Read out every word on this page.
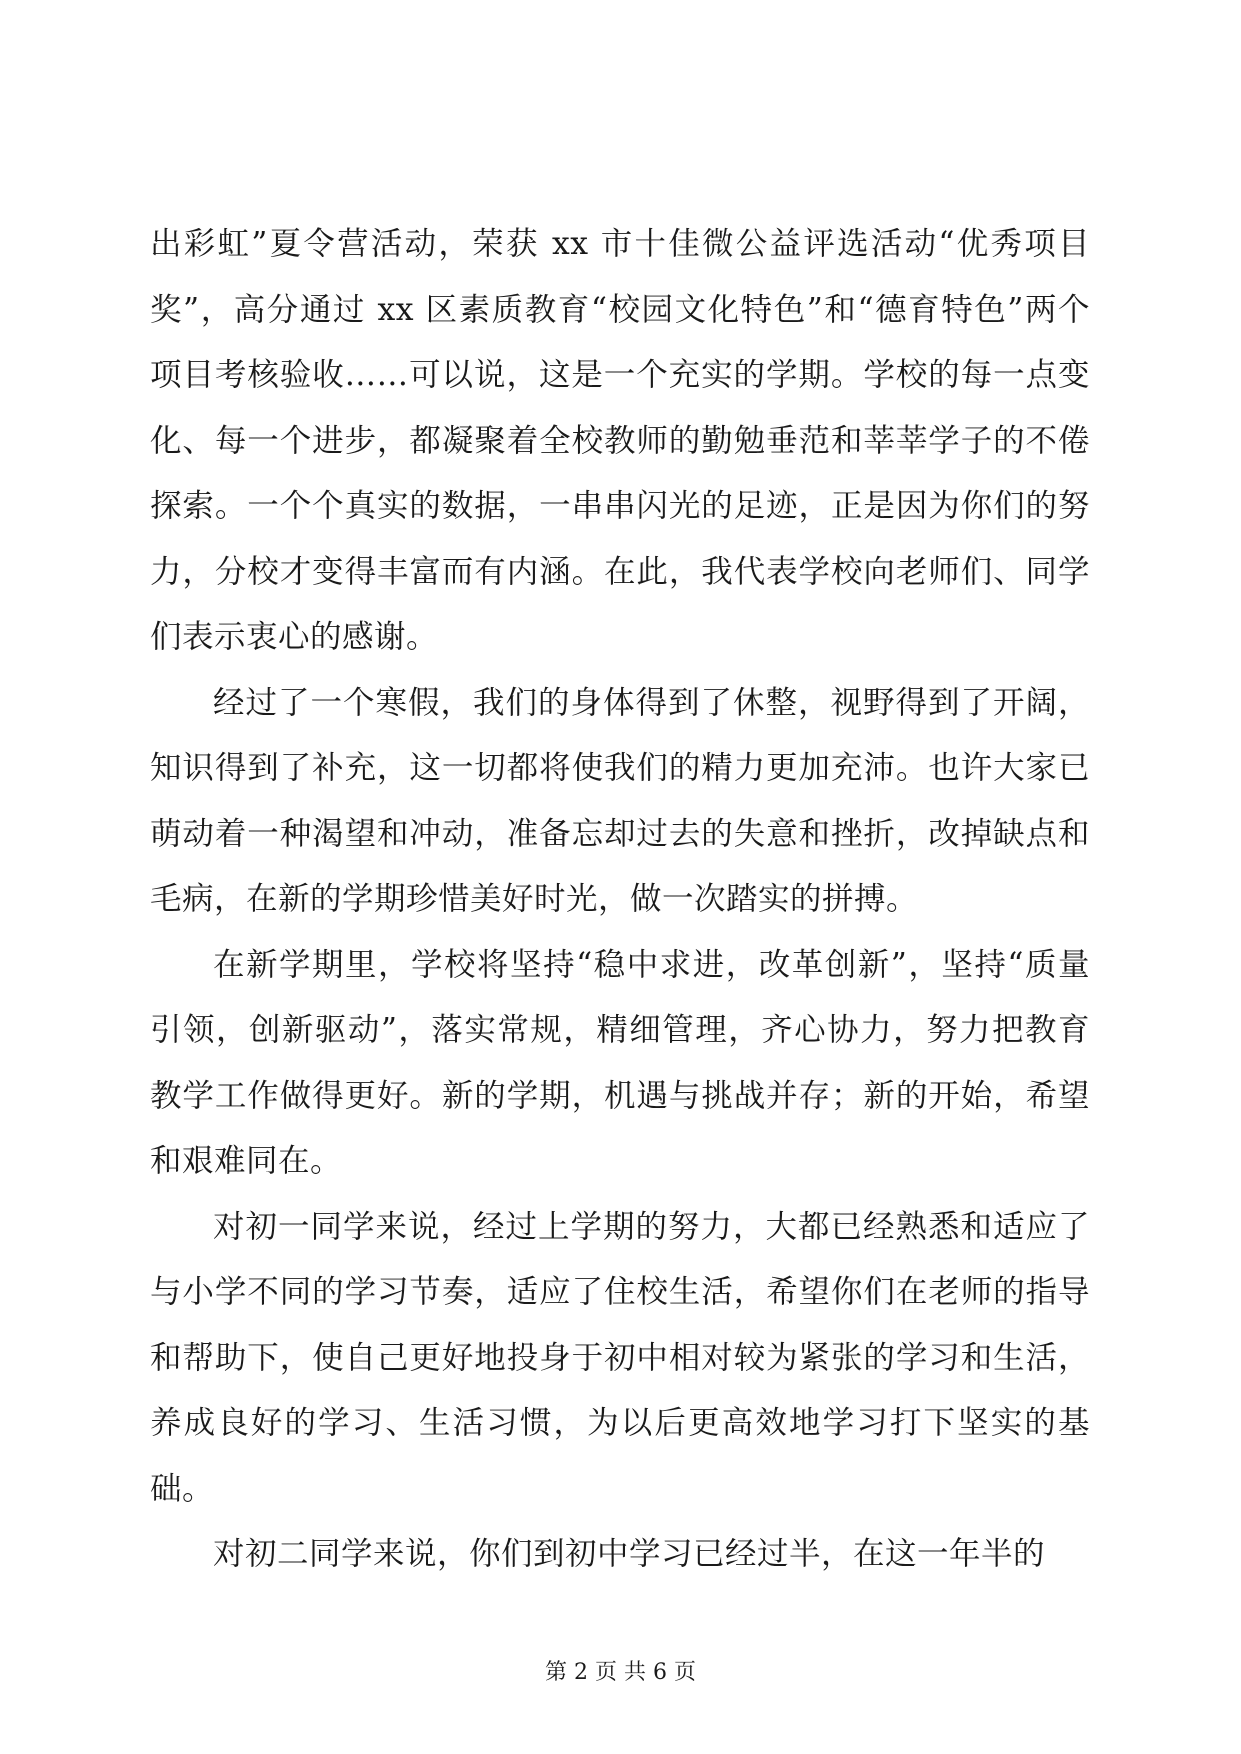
出彩虹”夏令营活动，荣获 xx 市十佳微公益评选活动“优秀项目奖”，高分通过 xx 区素质教育“校园文化特色”和“德育特色”两个项目考核验收……可以说，这是一个充实的学期。学校的每一点变化、每一个进步，都凝聚着全校教师的勤勉垂范和莘莘学子的不倦探索。一个个真实的数据，一串串闪光的足迹，正是因为你们的努力，分校才变得丰富而有内涵。在此，我代表学校向老师们、同学们表示衷心的感谢。

经过了一个寒假，我们的身体得到了休整，视野得到了开阔，知识得到了补充，这一切都将使我们的精力更加充沛。也许大家已萌动着一种渴望和冲动，准备忘却过去的失意和挫折，改掉缺点和毛病，在新的学期珍惜美好时光，做一次踏实的拼搏。

在新学期里，学校将坚持“稳中求进，改革创新”，坚持“质量引领，创新驱动”，落实常规，精细管理，齐心协力，努力把教育教学工作做得更好。新的学期，机遇与挑战并存；新的开始，希望和艰难同在。

对初一同学来说，经过上学期的努力，大都已经熟悉和适应了与小学不同的学习节奏，适应了住校生活，希望你们在老师的指导和帮助下，使自己更好地投身于初中相对较为紧张的学习和生活，养成良好的学习、生活习惯，为以后更高效地学习打下坚实的基础。

对初二同学来说，你们到初中学习已经过半，在这一年半的

第 2 页 共 6 页
